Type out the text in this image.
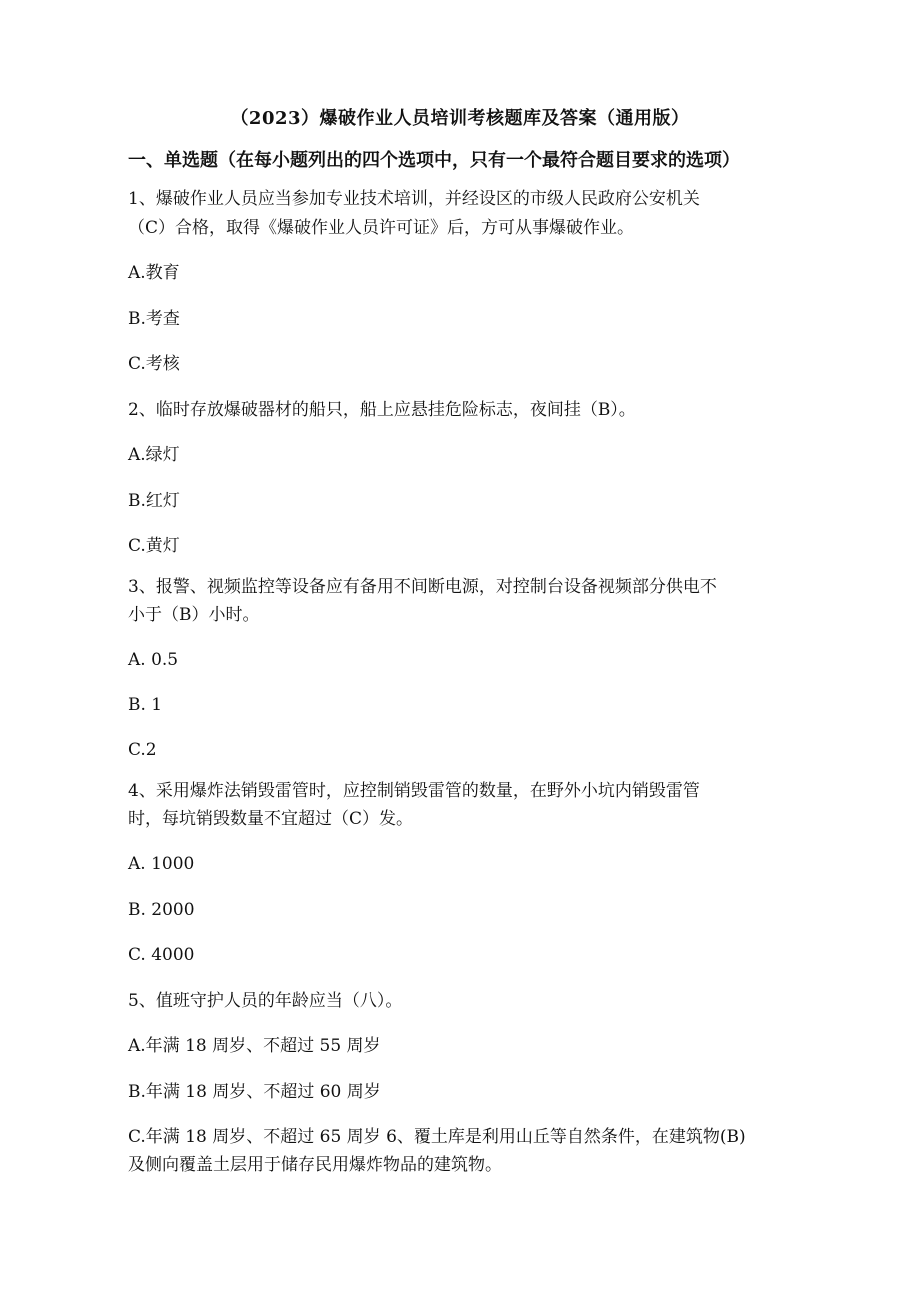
（2023）爆破作业人员培训考核题库及答案（通用版）
一、单选题（在每小题列出的四个选项中，只有一个最符合题目要求的选项）
1、爆破作业人员应当参加专业技术培训，并经设区的市级人民政府公安机关
（C）合格，取得《爆破作业人员许可证》后，方可从事爆破作业。
A.教育
B.考查
C.考核
2、临时存放爆破器材的船只，船上应悬挂危险标志，夜间挂（B）。
A.绿灯
B.红灯
C.黄灯
3、报警、视频监控等设备应有备用不间断电源，对控制台设备视频部分供电不
小于（B）小时。
A. 0.5
B. 1
C.2
4、采用爆炸法销毁雷管时，应控制销毁雷管的数量，在野外小坑内销毁雷管
时，每坑销毁数量不宜超过（C）发。
A. 1000
B. 2000
C. 4000
5、值班守护人员的年龄应当（八）。
A.年满 18 周岁、不超过 55 周岁
B.年满 18 周岁、不超过 60 周岁
C.年满 18 周岁、不超过 65 周岁 6、覆土库是利用山丘等自然条件，在建筑物(B)
及侧向覆盖土层用于储存民用爆炸物品的建筑物。
